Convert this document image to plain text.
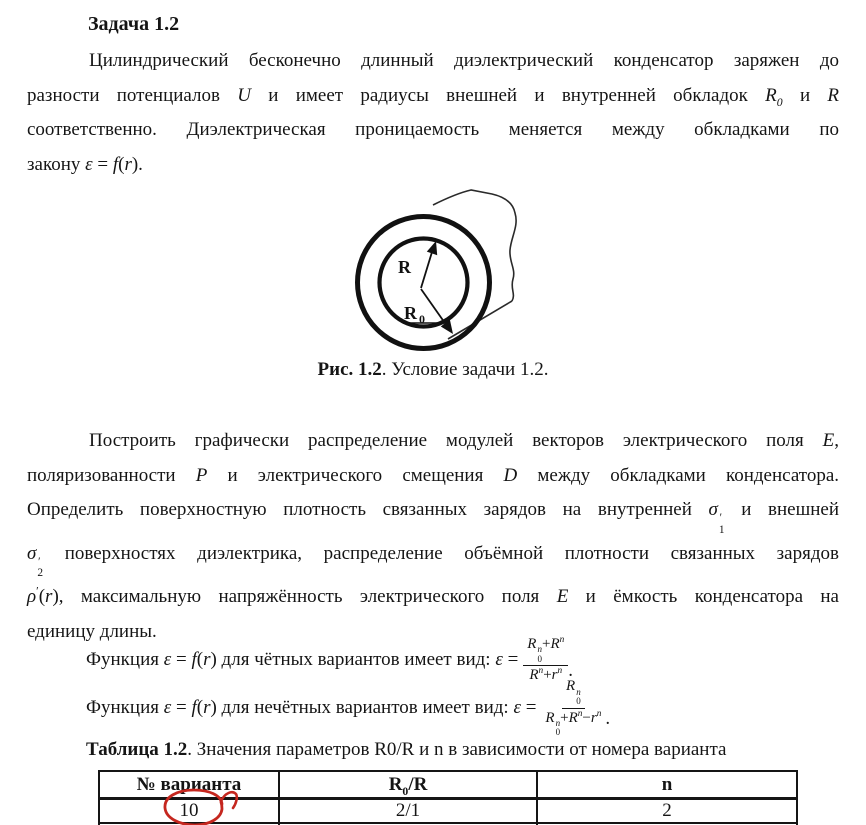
Задача 1.2
Цилиндрический бесконечно длинный диэлектрический конденсатор заряжен до
разности потенциалов U и имеет радиусы внешней и внутренней обкладок $R_0$ и R
соответственно. Диэлектрическая проницаемость меняется между обкладками по
закону ε = f(r).
R
R 0
Рис. 1.2. Условие задачи 1.2.
Построить графически распределение модулей векторов электрического поля E,
поляризованности P и электрического смещения D между обкладками конденсатора.
Определить поверхностную плотность связанных зарядов на внутренней σ ′
1
и внешней
σ ′
2
поверхностях диэлектрика, распределение объёмной плотности связанных зарядов
ρ′(r), максимальную напряжённость электрического поля E и ёмкость конденсатора на
единицу длины.
Функция ε = f(r) для чётных вариантов имеет вид: ε = R n
0
$+R^n$
$R^n+r^n$ .
Функция ε = f(r) для нечётных вариантов имеет вид: ε = R n
0
R n
0
$+R^n-r^n$ .
Таблица 1.2. Значения параметров R0/R и n в зависимости от номера варианта
№ варианта	$R_0/R$	n
10	2/1	2
